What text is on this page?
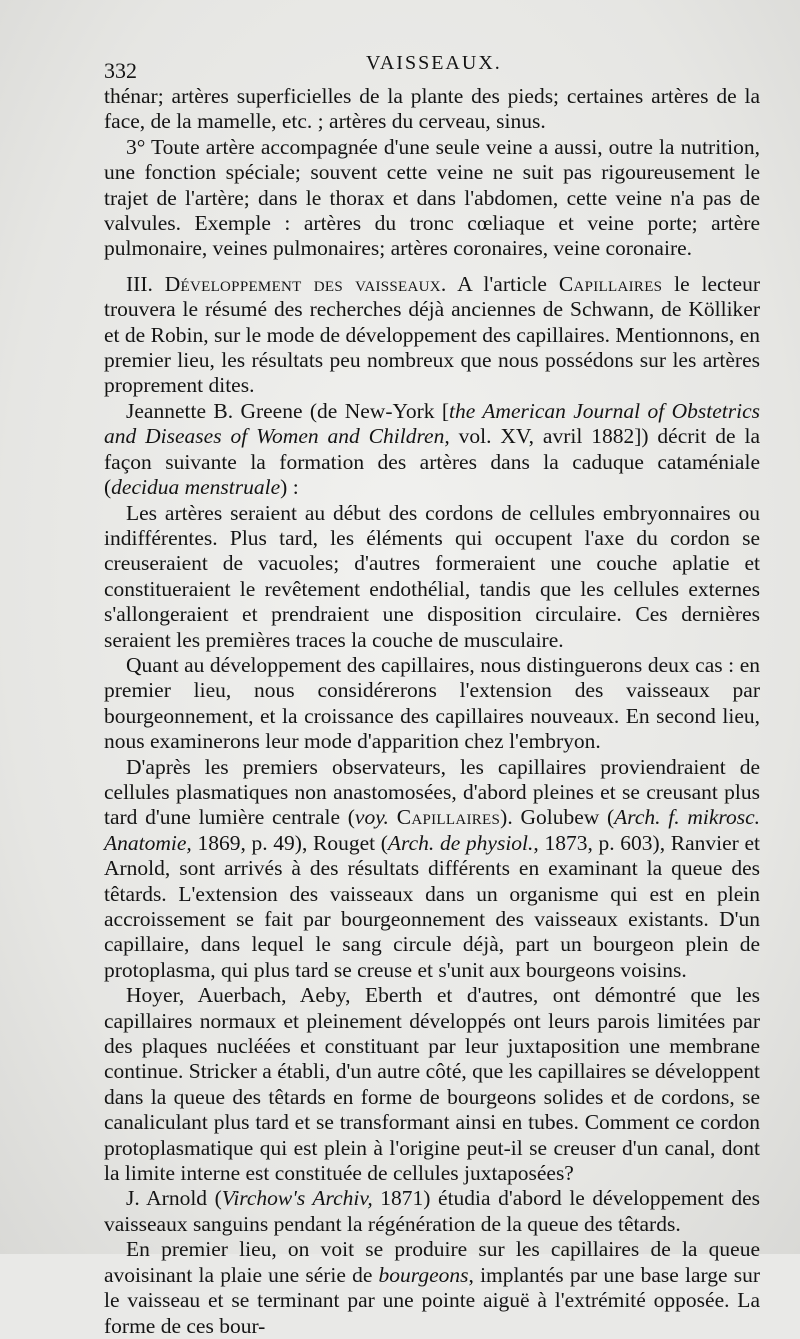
332	VAISSEAUX.

thénar; artères superficielles de la plante des pieds; certaines artères de la face, de la mamelle, etc. ; artères du cerveau, sinus.

3° Toute artère accompagnée d'une seule veine a aussi, outre la nutrition, une fonction spéciale; souvent cette veine ne suit pas rigoureusement le trajet de l'artère; dans le thorax et dans l'abdomen, cette veine n'a pas de valvules. Exemple : artères du tronc cœliaque et veine porte; artère pulmonaire, veines pulmonaires; artères coronaires, veine coronaire.

III. Développement des vaisseaux. A l'article Capillaires le lecteur trouvera le résumé des recherches déjà anciennes de Schwann, de Kölliker et de Robin, sur le mode de développement des capillaires. Mentionnons, en premier lieu, les résultats peu nombreux que nous possédons sur les artères proprement dites.

Jeannette B. Greene (de New-York [the American Journal of Obstetrics and Diseases of Women and Children, vol. XV, avril 1882]) décrit de la façon suivante la formation des artères dans la caduque cataméniale (decidua menstruale) :

Les artères seraient au début des cordons de cellules embryonnaires ou indifférentes. Plus tard, les éléments qui occupent l'axe du cordon se creuseraient de vacuoles; d'autres formeraient une couche aplatie et constitueraient le revêtement endothélial, tandis que les cellules externes s'allongeraient et prendraient une disposition circulaire. Ces dernières seraient les premières traces la couche de musculaire.

Quant au développement des capillaires, nous distinguerons deux cas : en premier lieu, nous considérerons l'extension des vaisseaux par bourgeonnement, et la croissance des capillaires nouveaux. En second lieu, nous examinerons leur mode d'apparition chez l'embryon.

D'après les premiers observateurs, les capillaires proviendraient de cellules plasmatiques non anastomosées, d'abord pleines et se creusant plus tard d'une lumière centrale (voy. Capillaires). Golubew (Arch. f. mikrosc. Anatomie, 1869, p. 49), Rouget (Arch. de physiol., 1873, p. 603), Ranvier et Arnold, sont arrivés à des résultats différents en examinant la queue des têtards. L'extension des vaisseaux dans un organisme qui est en plein accroissement se fait par bourgeonnement des vaisseaux existants. D'un capillaire, dans lequel le sang circule déjà, part un bourgeon plein de protoplasma, qui plus tard se creuse et s'unit aux bourgeons voisins.

Hoyer, Auerbach, Aeby, Eberth et d'autres, ont démontré que les capillaires normaux et pleinement développés ont leurs parois limitées par des plaques nucléées et constituant par leur juxtaposition une membrane continue. Stricker a établi, d'un autre côté, que les capillaires se développent dans la queue des têtards en forme de bourgeons solides et de cordons, se canaliculant plus tard et se transformant ainsi en tubes. Comment ce cordon protoplasmatique qui est plein à l'origine peut-il se creuser d'un canal, dont la limite interne est constituée de cellules juxtaposées?

J. Arnold (Virchow's Archiv, 1871) étudia d'abord le développement des vaisseaux sanguins pendant la régénération de la queue des têtards.

En premier lieu, on voit se produire sur les capillaires de la queue avoisinant la plaie une série de bourgeons, implantés par une base large sur le vaisseau et se terminant par une pointe aiguë à l'extrémité opposée. La forme de ces bour-
